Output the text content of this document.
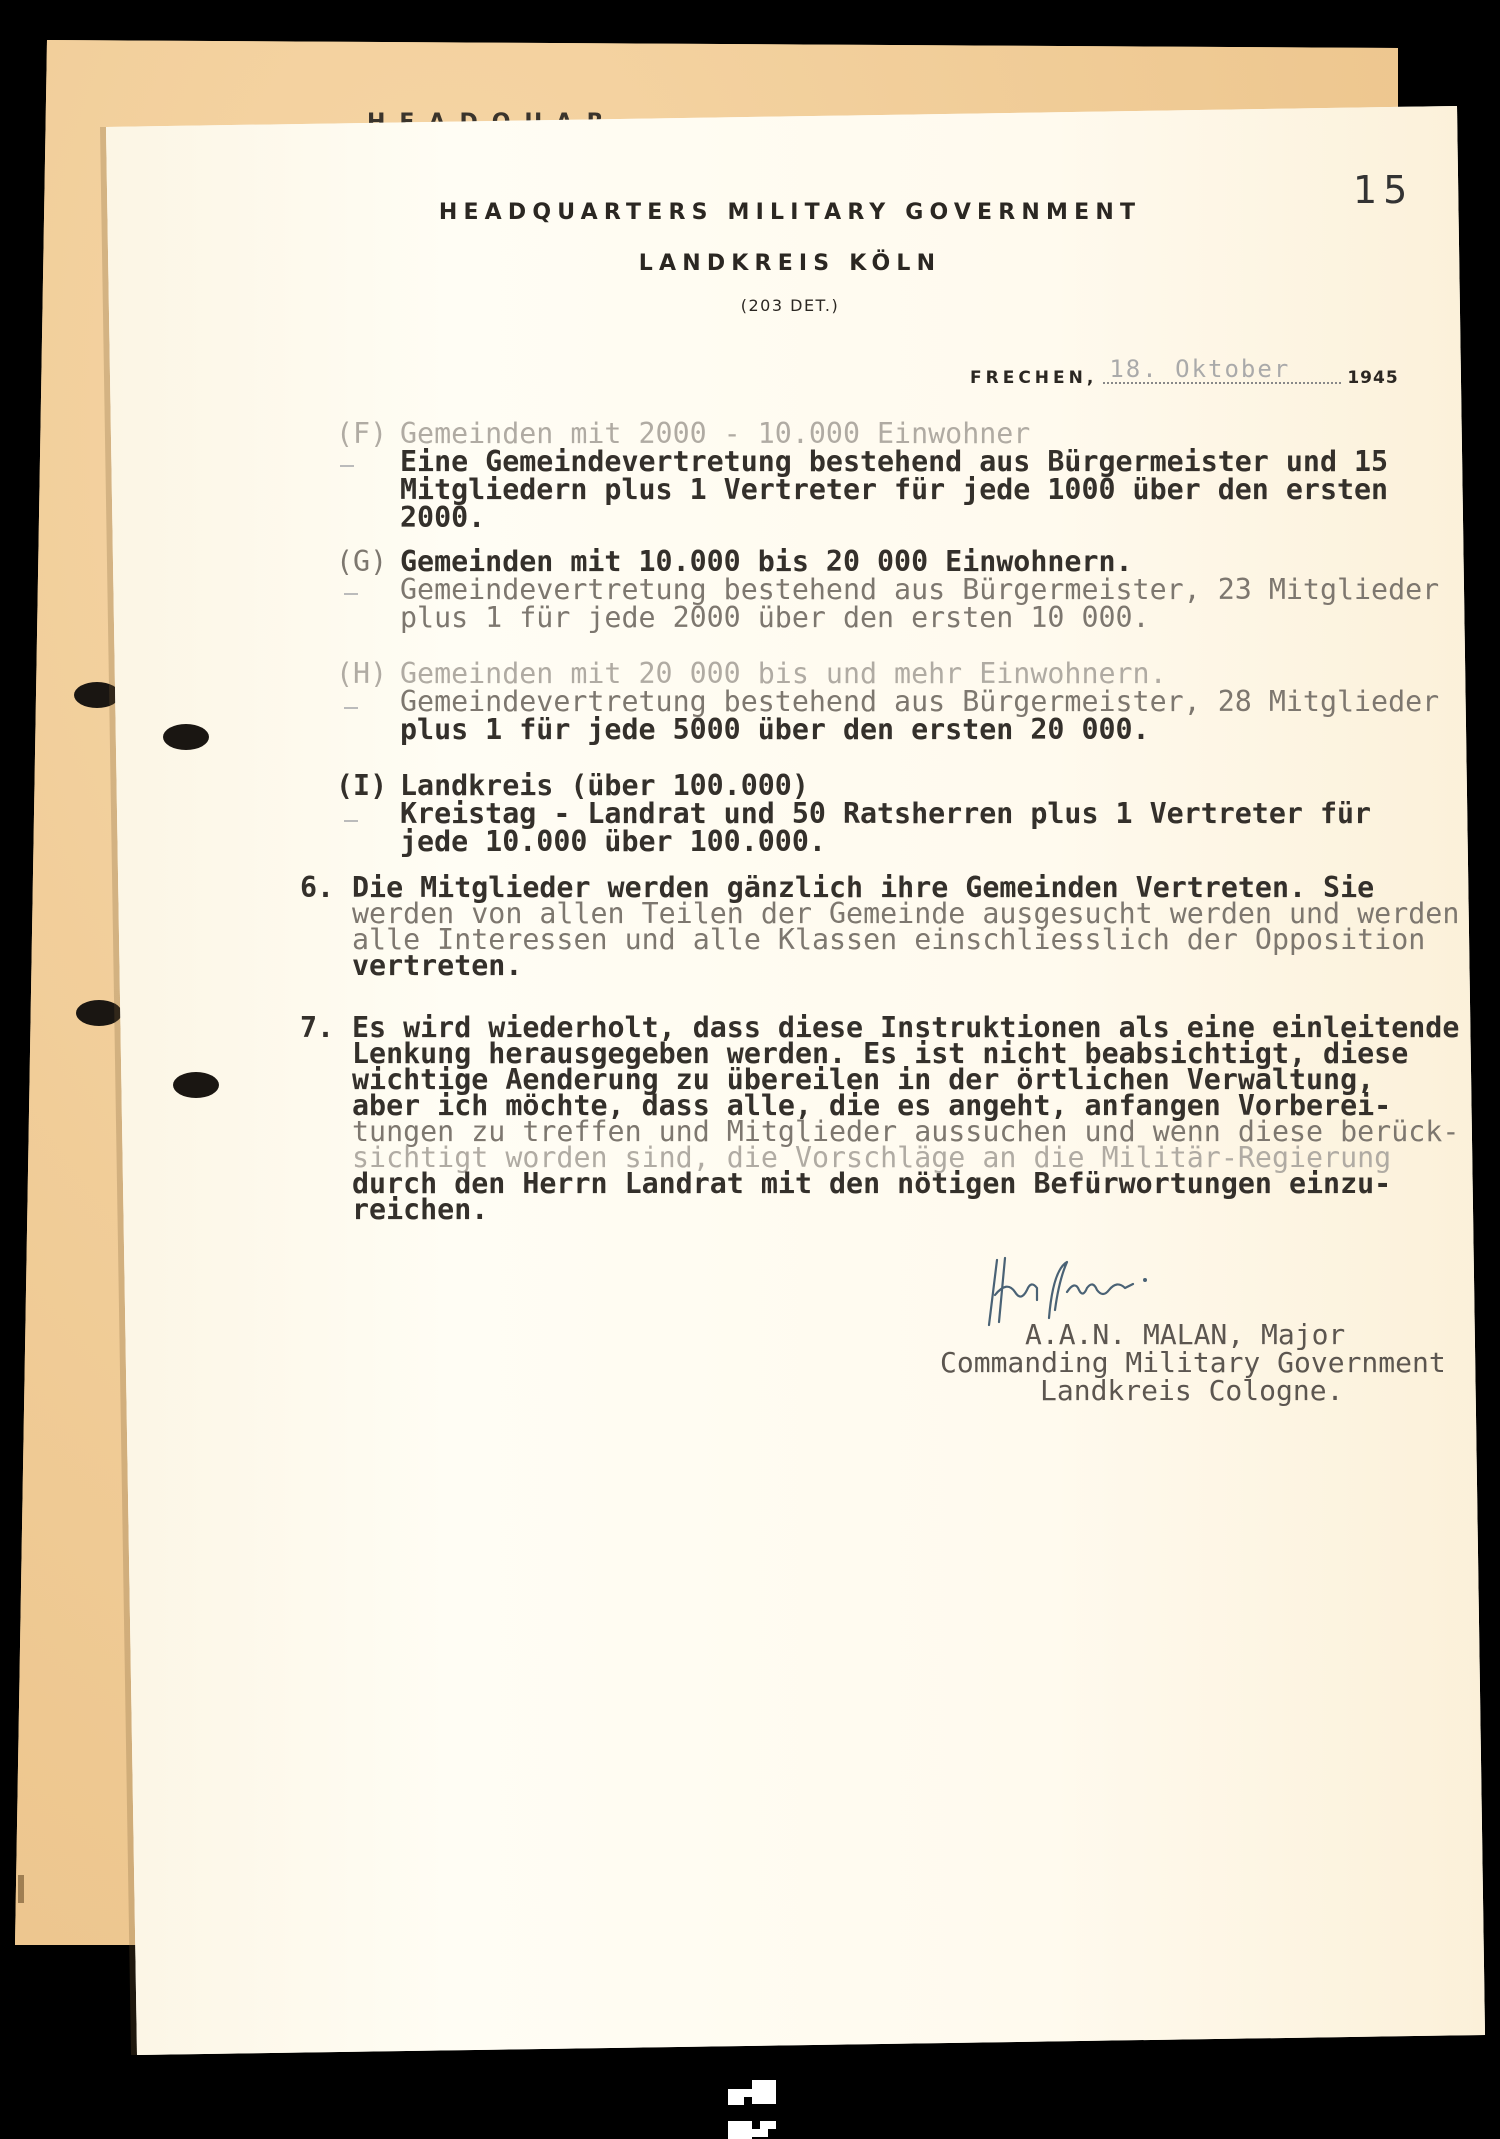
15
HEADQUARTERS MILITARY GOVERNMENT
LANDKREIS KÖLN
(203 DET.)
FRECHEN, 18. Oktober	1945
(F) Gemeinden mit 2000 - 10.000 Einwohner
Eine Gemeindevertretung bestehend aus Bürgermeister und 15
Mitgliedern plus 1 Vertreter für jede 1000 über den ersten
2000.
(G) Gemeinden mit 10.000 bis 20 000 Einwohnern.
Gemeindevertretung bestehend aus Bürgermeister, 23 Mitglieder
plus 1 für jede 2000 über den ersten 10 000.
(H) Gemeinden mit 20 000 bis und mehr Einwohnern.
Gemeindevertretung bestehend aus Bürgermeister, 28 Mitglieder
plus 1 für jede 5000 über den ersten 20 000.
(I) Landkreis (über 100.000)
Kreistag - Landrat und 50 Ratsherren plus 1 Vertreter für
jede 10.000 über 100.000.
6. Die Mitglieder werden gänzlich ihre Gemeinden Vertreten. Sie
werden von allen Teilen der Gemeinde ausgesucht werden und werden
alle Interessen und alle Klassen einschliesslich der Opposition
vertreten.
7. Es wird wiederholt, dass diese Instruktionen als eine einleitende
Lenkung herausgegeben werden. Es ist nicht beabsichtigt, diese
wichtige Aenderung zu übereilen in der örtlichen Verwaltung,
aber ich möchte, dass alle, die es angeht, anfangen Vorberei-
tungen zu treffen und Mitglieder aussuchen und wenn diese berück-
sichtigt worden sind, die Vorschläge an die Militär-Regierung
durch den Herrn Landrat mit den nötigen Befürwortungen einzu-
reichen.
A.A.N. MALAN, Major
Commanding Military Government
Landkreis Cologne.
